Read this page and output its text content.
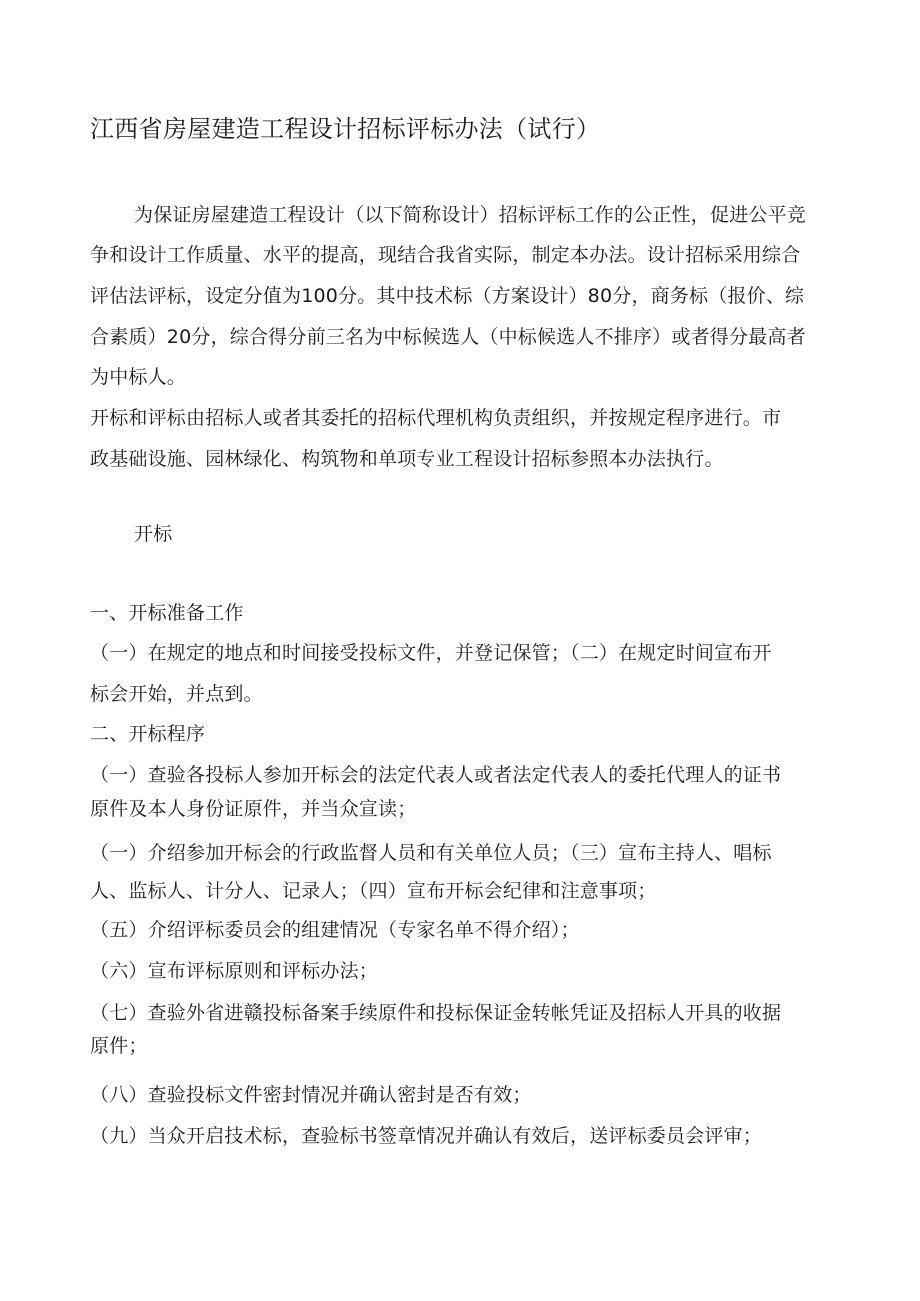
江西省房屋建造工程设计招标评标办法（试行）
为保证房屋建造工程设计（以下简称设计）招标评标工作的公正性，促进公平竞
争和设计工作质量、水平的提高，现结合我省实际，制定本办法。设计招标采用综合
评估法评标，设定分值为100分。其中技术标（方案设计）80分，商务标（报价、综
合素质）20分，综合得分前三名为中标候选人（中标候选人不排序）或者得分最高者
为中标人。
开标和评标由招标人或者其委托的招标代理机构负责组织，并按规定程序进行。市
政基础设施、园林绿化、构筑物和单项专业工程设计招标参照本办法执行。
开标
一、开标准备工作
（一）在规定的地点和时间接受投标文件，并登记保管；（二）在规定时间宣布开
标会开始，并点到。
二、开标程序
（一）查验各投标人参加开标会的法定代表人或者法定代表人的委托代理人的证书
原件及本人身份证原件，并当众宣读；
（一）介绍参加开标会的行政监督人员和有关单位人员；（三）宣布主持人、唱标
人、监标人、计分人、记录人；（四）宣布开标会纪律和注意事项；
（五）介绍评标委员会的组建情况（专家名单不得介绍）；
（六）宣布评标原则和评标办法；
（七）查验外省进赣投标备案手续原件和投标保证金转帐凭证及招标人开具的收据
原件；
（八）查验投标文件密封情况并确认密封是否有效；
（九）当众开启技术标，查验标书签章情况并确认有效后，送评标委员会评审；
